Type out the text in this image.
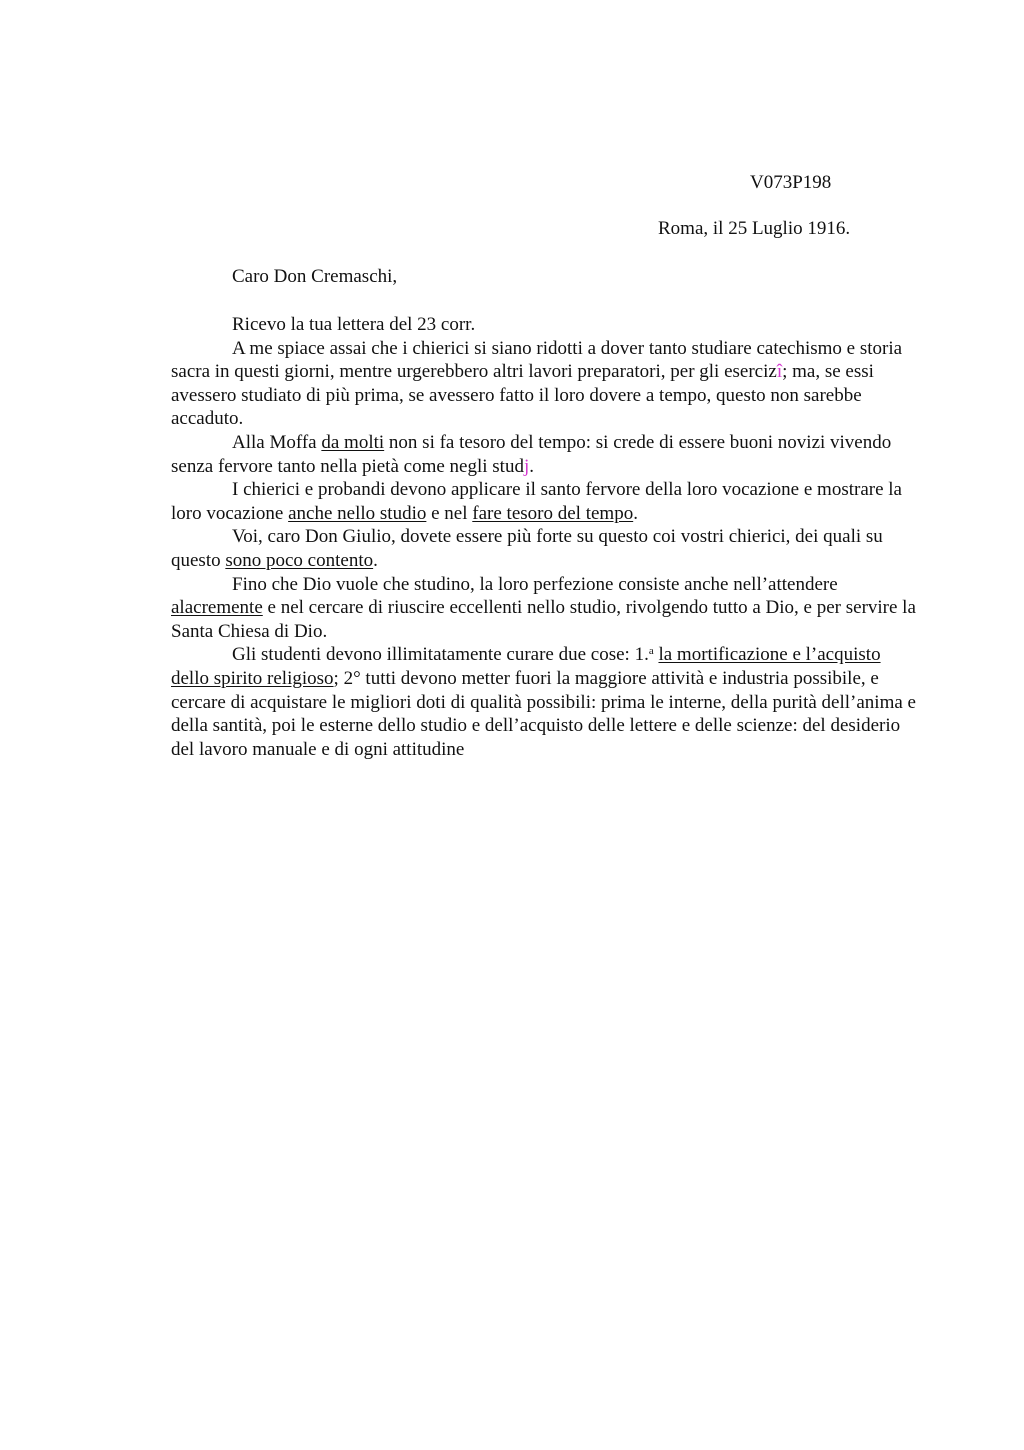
V073P198
Roma, il 25 Luglio 1916.
Caro Don Cremaschi,

Ricevo la tua lettera del 23 corr.

A me spiace assai che i chierici si siano ridotti a dover tanto studiare catechismo e storia sacra in questi giorni, mentre urgerebbero altri lavori preparatori, per gli esercizî; ma, se essi avessero studiato di più prima, se avessero fatto il loro dovere a tempo, questo non sarebbe accaduto.

Alla Moffa da molti non si fa tesoro del tempo: si crede di essere buoni novizi vivendo senza fervore tanto nella pietà come negli studj.

I chierici e probandi devono applicare il santo fervore della loro vocazione e mostrare la loro vocazione anche nello studio e nel fare tesoro del tempo.

Voi, caro Don Giulio, dovete essere più forte su questo coi vostri chierici, dei quali su questo sono poco contento.

Fino che Dio vuole che studino, la loro perfezione consiste anche nell’attendere alacremente e nel cercare di riuscire eccellenti nello studio, rivolgendo tutto a Dio, e per servire la Santa Chiesa di Dio.

Gli studenti devono illimitatamente curare due cose: 1.$^a$ la mortificazione e l’acquisto dello spirito religioso; 2° tutti devono metter fuori la maggiore attività e industria possibile, e cercare di acquistare le migliori doti di qualità possibili: prima le interne, della purità dell’anima e della santità, poi le esterne dello studio e dell’acquisto delle lettere e delle scienze: del desiderio del lavoro manuale e di ogni attitudine
